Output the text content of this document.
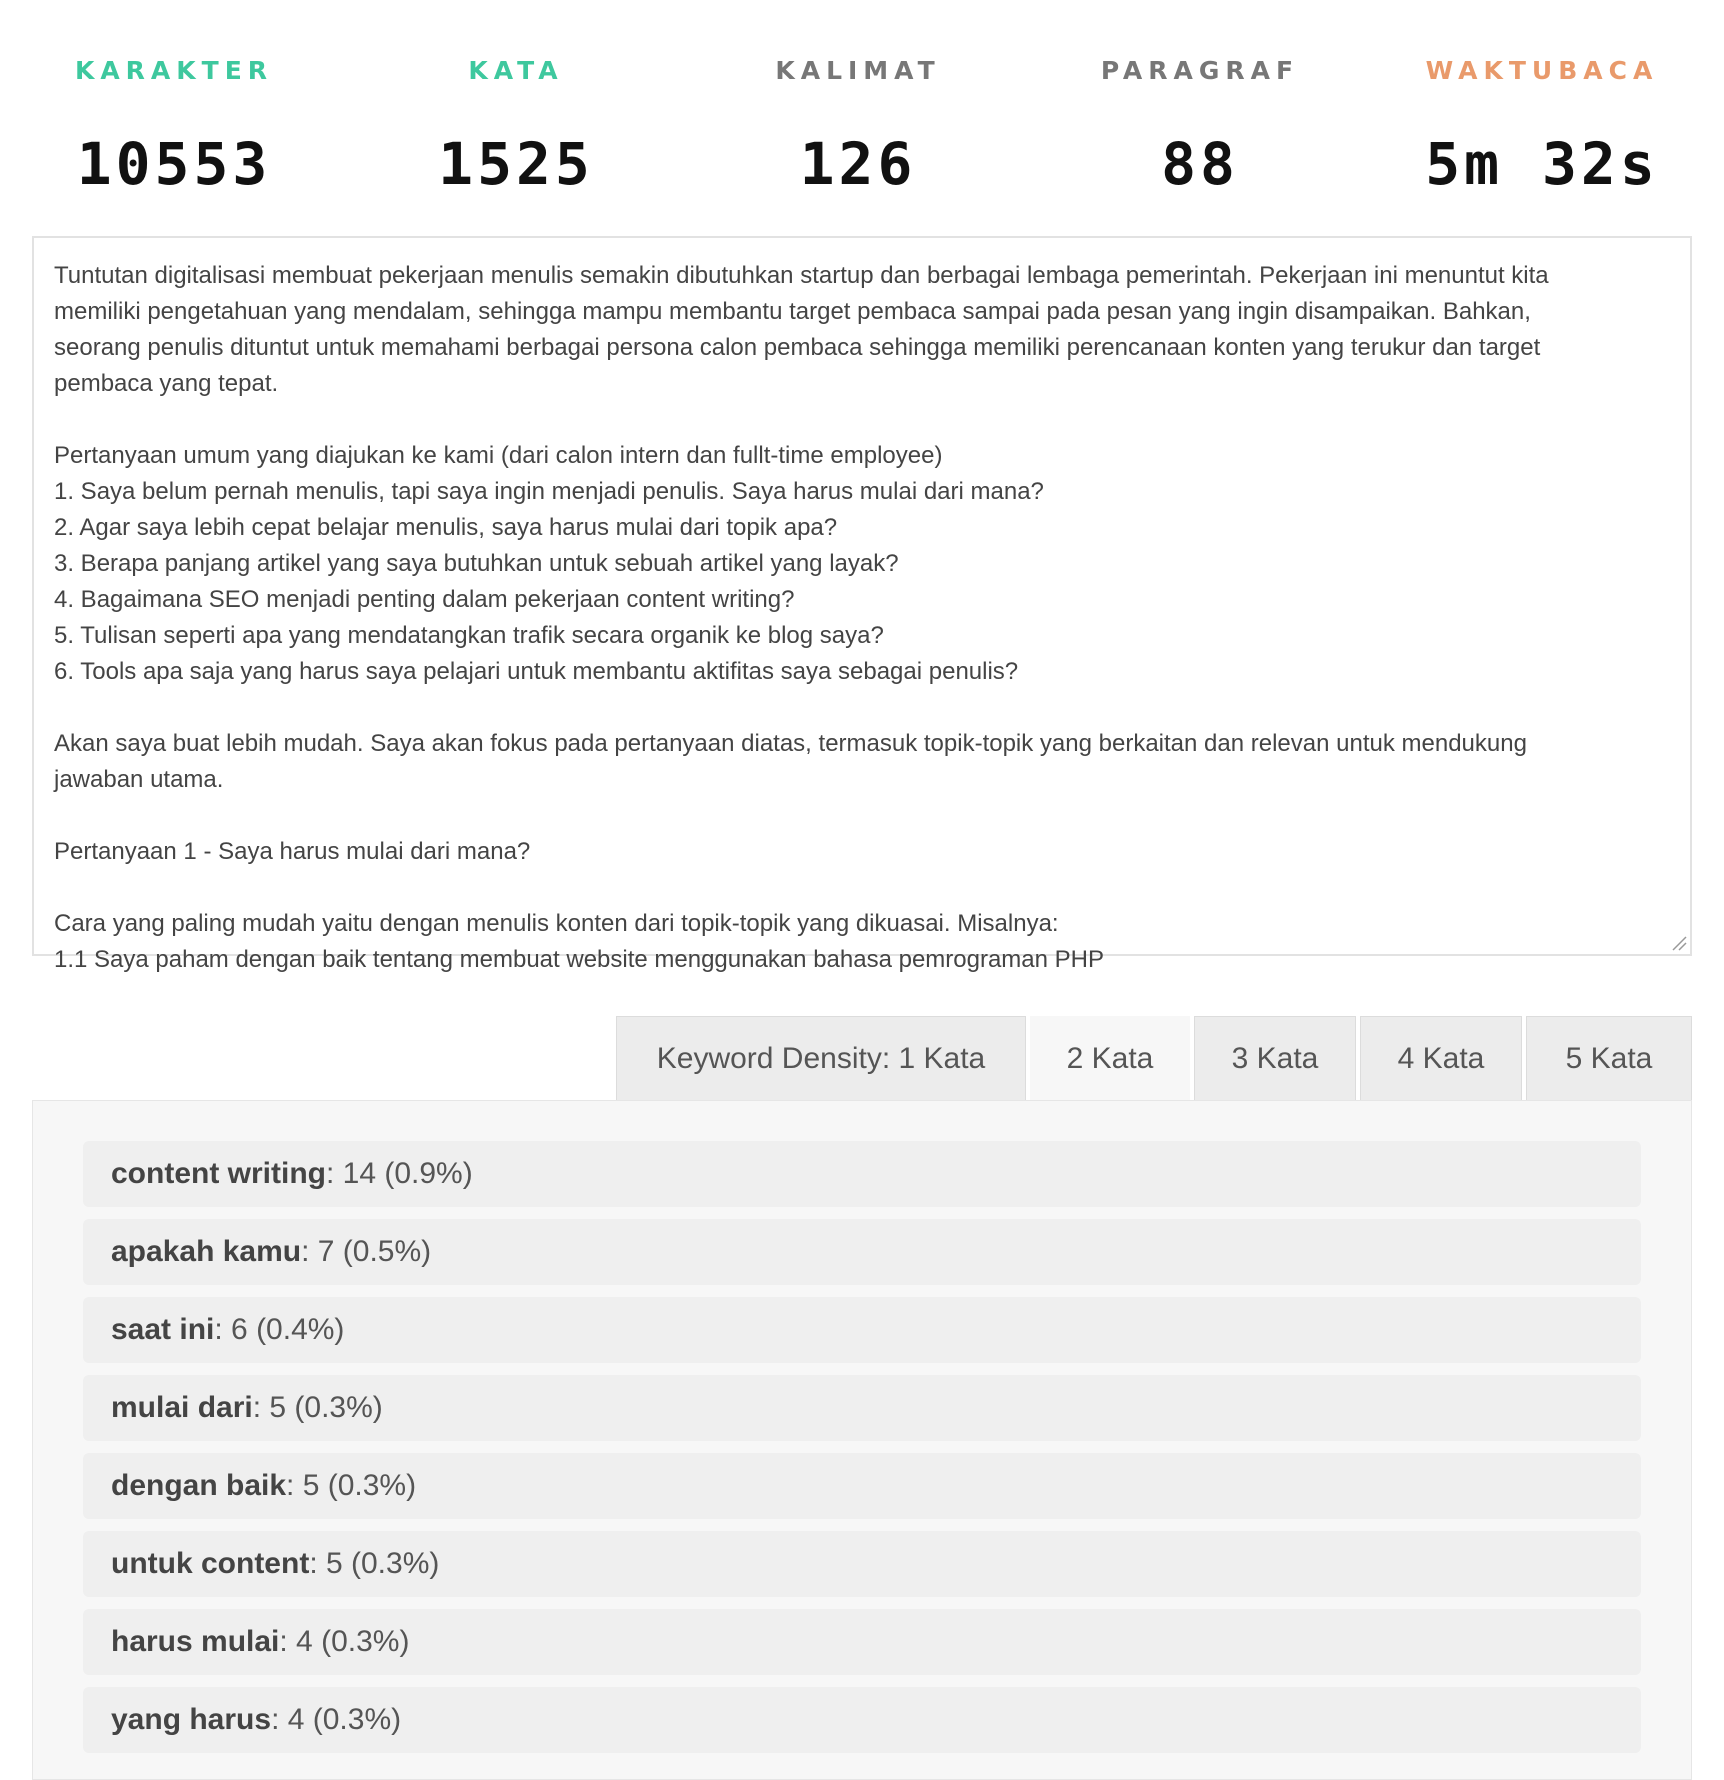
KARAKTER
10553
KATA
1525
KALIMAT
126
PARAGRAF
88
WAKTUBACA
5m 32s
Tuntutan digitalisasi membuat pekerjaan menulis semakin dibutuhkan startup dan berbagai lembaga pemerintah. Pekerjaan ini menuntut kita
memiliki pengetahuan yang mendalam, sehingga mampu membantu target pembaca sampai pada pesan yang ingin disampaikan. Bahkan,
seorang penulis dituntut untuk memahami berbagai persona calon pembaca sehingga memiliki perencanaan konten yang terukur dan target
pembaca yang tepat.
Pertanyaan umum yang diajukan ke kami (dari calon intern dan fullt-time employee)
1. Saya belum pernah menulis, tapi saya ingin menjadi penulis. Saya harus mulai dari mana?
2. Agar saya lebih cepat belajar menulis, saya harus mulai dari topik apa?
3. Berapa panjang artikel yang saya butuhkan untuk sebuah artikel yang layak?
4. Bagaimana SEO menjadi penting dalam pekerjaan content writing?
5. Tulisan seperti apa yang mendatangkan trafik secara organik ke blog saya?
6. Tools apa saja yang harus saya pelajari untuk membantu aktifitas saya sebagai penulis?
Akan saya buat lebih mudah. Saya akan fokus pada pertanyaan diatas, termasuk topik-topik yang berkaitan dan relevan untuk mendukung
jawaban utama.
Pertanyaan 1 - Saya harus mulai dari mana?
Cara yang paling mudah yaitu dengan menulis konten dari topik-topik yang dikuasai. Misalnya:
1.1 Saya paham dengan baik tentang membuat website menggunakan bahasa pemrograman PHP
Keyword Density: 1 Kata	2 Kata	3 Kata	4 Kata	5 Kata
content writing: 14 (0.9%)
apakah kamu: 7 (0.5%)
saat ini: 6 (0.4%)
mulai dari: 5 (0.3%)
dengan baik: 5 (0.3%)
untuk content: 5 (0.3%)
harus mulai: 4 (0.3%)
yang harus: 4 (0.3%)
